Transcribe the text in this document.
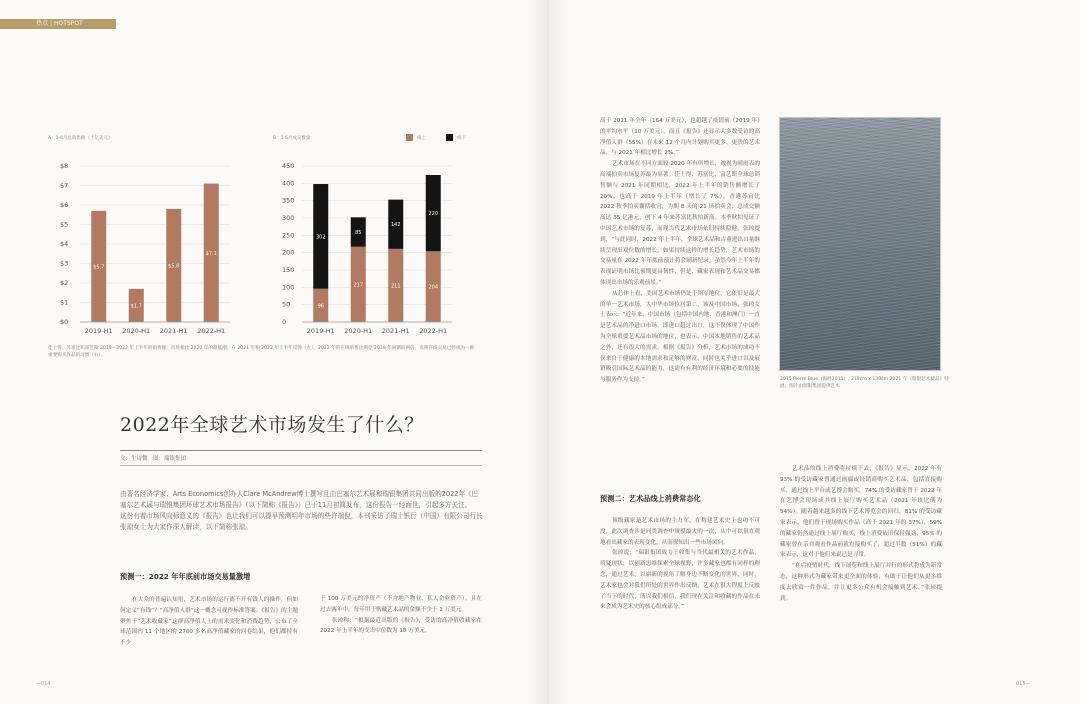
热点 | HOTSPOT
A：1-6月总销售额（十亿美元）	B：1-6月成交数量	线上	线下
$0
$1
$2
$3
$4
$5
$6
$7
$8
2019-H1
$5.7
2020-H1
$1.7
2021-H1
$5.8
2022-H1
$7.1
0
50
100
150
200
250
300
350
400
450
2019-H1
96
302
2020-H1
217
85
2021-H1
211
142
2022-H1
204
220
佳士得、苏富比和富艺斯 2019—2022 年上半年的销售额：市场相比 2020 年的最低潮，在 2021 年和 2022 年上半年反弹（左）。2022 年的在线销售比例是 2019 年同期的两倍，说明在线交易已经成为一种重要购买作品的习惯（右）。
2022年全球艺术市场发生了什么？
文：生诗微　图：瑞银集团
由著名经济学家、Arts Economics创办人Clare McAndrew博士撰写且由巴塞尔艺术展和瑞银集团共同出版的2022年《巴塞尔艺术展与瑞银集团环球艺术市场报告》（以下简称《报告》）已于11月初简发布，这份报告一经面世，引起多方关注。
这份有着市场风向标意义的《报告》也让我们可以提早预测明年市场的些许端倪，本刊采访了瑞士银行（中国）有限公司行长张琼女士为大家作深人解读，以下简称张琼。
预测一：2022 年年底前市场交易量激增

在大众的普遍认知里，艺术市场的运行离不开有钱人的操作，但如何定义“有钱”？“高净值人群”这一概念可视作标准答案。《报告》的主题聚焦于“艺术收藏家”这群高净值人士的需求变化和消费趋势，公布了全球范围内 11 个地区的 2700 多名高净值藏家的问卷结果，他们都持有不少

于 100 万美元的净资产（不含地产物业、私人企业资产）。且在过去两年中，每年用于购藏艺术品的金额不少于 1 万美元。

张琼称：“根据最近出版的《报告》，受访的高净值收藏家在 2022 年上半年的支出中位数为 18 万美元，

—014

高于 2021 年全年（164 万美元），也超越了疫情前（2019 年）的平均水平（10 万美元）。而且《报告》还显示大多数受访的高净值人群（55%）在未来 12 个月内计划购买更多、更贵的艺术品，与 2021 年相比增长 2%。”

艺术市场在不同方面较 2020 年有所增长，被视为晴雨表的高端拍卖市场复苏最为显著。佳士得、苏富比、富艺斯全球总销售额与 2021 年同期相比，2022 年上半年的销售额增长了 20%，也高于 2019 年上半年（增长了 7%）。香港苏富比 2022 秋季拍卖囊括收官，为期 8 天的 21 场拍卖会，总成交额高达 35 亿港元，创下 4 年来苏富比秋拍新高。本季秋拍见证了中国艺术市场的复苏，而现当代艺术市场依旧持续稳健。张琼提到，“与此同时，2022 年上半年，全球艺术品和古董进出口量继续呈现出双位数的增长，如果持续这样的增长趋势，艺术市场的交易量在 2022 年年底前预计将会刷新纪录。虽然今年上半年的表现证明市场比预期更具韧性，但是，藏家表现和艺术品交易都体现出市场的乐观前景。”

从总体上看，美国艺术市场仍处于领军地位，它依旧是最大的单一艺术市场，大中华市场位居第二，该及中国市场，张琼女士表示：“近年来，中国市场（包括中国内地、香港和澳门）一直是艺术品的净进口市场，即进口超过出口，这不仅体现了中国作为全球重要艺术品市场的地位，也表示，中国本地销售的艺术品之外，还有很大的需求。根据《报告》分析，艺术市场的成功不仅来自于健康的本地需求和足够的财富，同时也关乎进口以及展销吸引国际艺术品的能力，这需有有利的经济环境和必要的技能与服务作为支持。”

预测二：艺术品线上消费常态化

顶级藏家是艺术市场的主力军，在构建艺术史上也功不可没，此次调查涉是同类调查中规模最大的一次，从中可以很直观地看出藏家的表现变化，从而探知出一些市场风向。

张琼说：“瑞银集团致力于收集与当代最相关的艺术作品，质疑现状，以创新思维探索全球视野，许多藏家也都有同样的理念，通过艺术，以崭新的视角了解身边不断变化的世界，同时，艺术家也会对我们所处的世界作出反馈，艺术在很大程度上反映了当下的时代，所以我们相信，我们现在关注和收藏的作品在未来会成为艺术史的核心组成部分。”

2015 Pierre Blue（海经2015）, 219cm x 139cm 2021 年《瑞银艺术藏品》特展，图片由瑞银集团提供艺术

艺术品的线上消费将持续下去，《报告》显示，2022 年有 93% 的受访藏家曾通过画廊或经销商购买艺术品，包括直接购买、通过线上平台或艺博会购买，74% 的受访藏家曾于 2022 年在艺博会现场或其线上展厅购买艺术品（2021 年该比例为 54%）。随着越来越多的线下艺术博览会的回归，81% 的受访藏家表示，他们曾于现场购买作品（高于 2021 年的 37%），59% 的藏家仍然通过线上展厅购买，线上消费依旧保持强劲，95% 的藏家曾在亲自观看作品前就直接购买了，超过半数（51%）的藏家表示，这对于他们来说已是寻常。

“在后疫情时代，线下展览和线上展厅并行的形式将成为新常态，这种形式为藏家带来更全面的体验，有助于让他们从更多维度去欣赏一件作品，并让更多公众有机会接触到艺术。”张琼提到。

015—
